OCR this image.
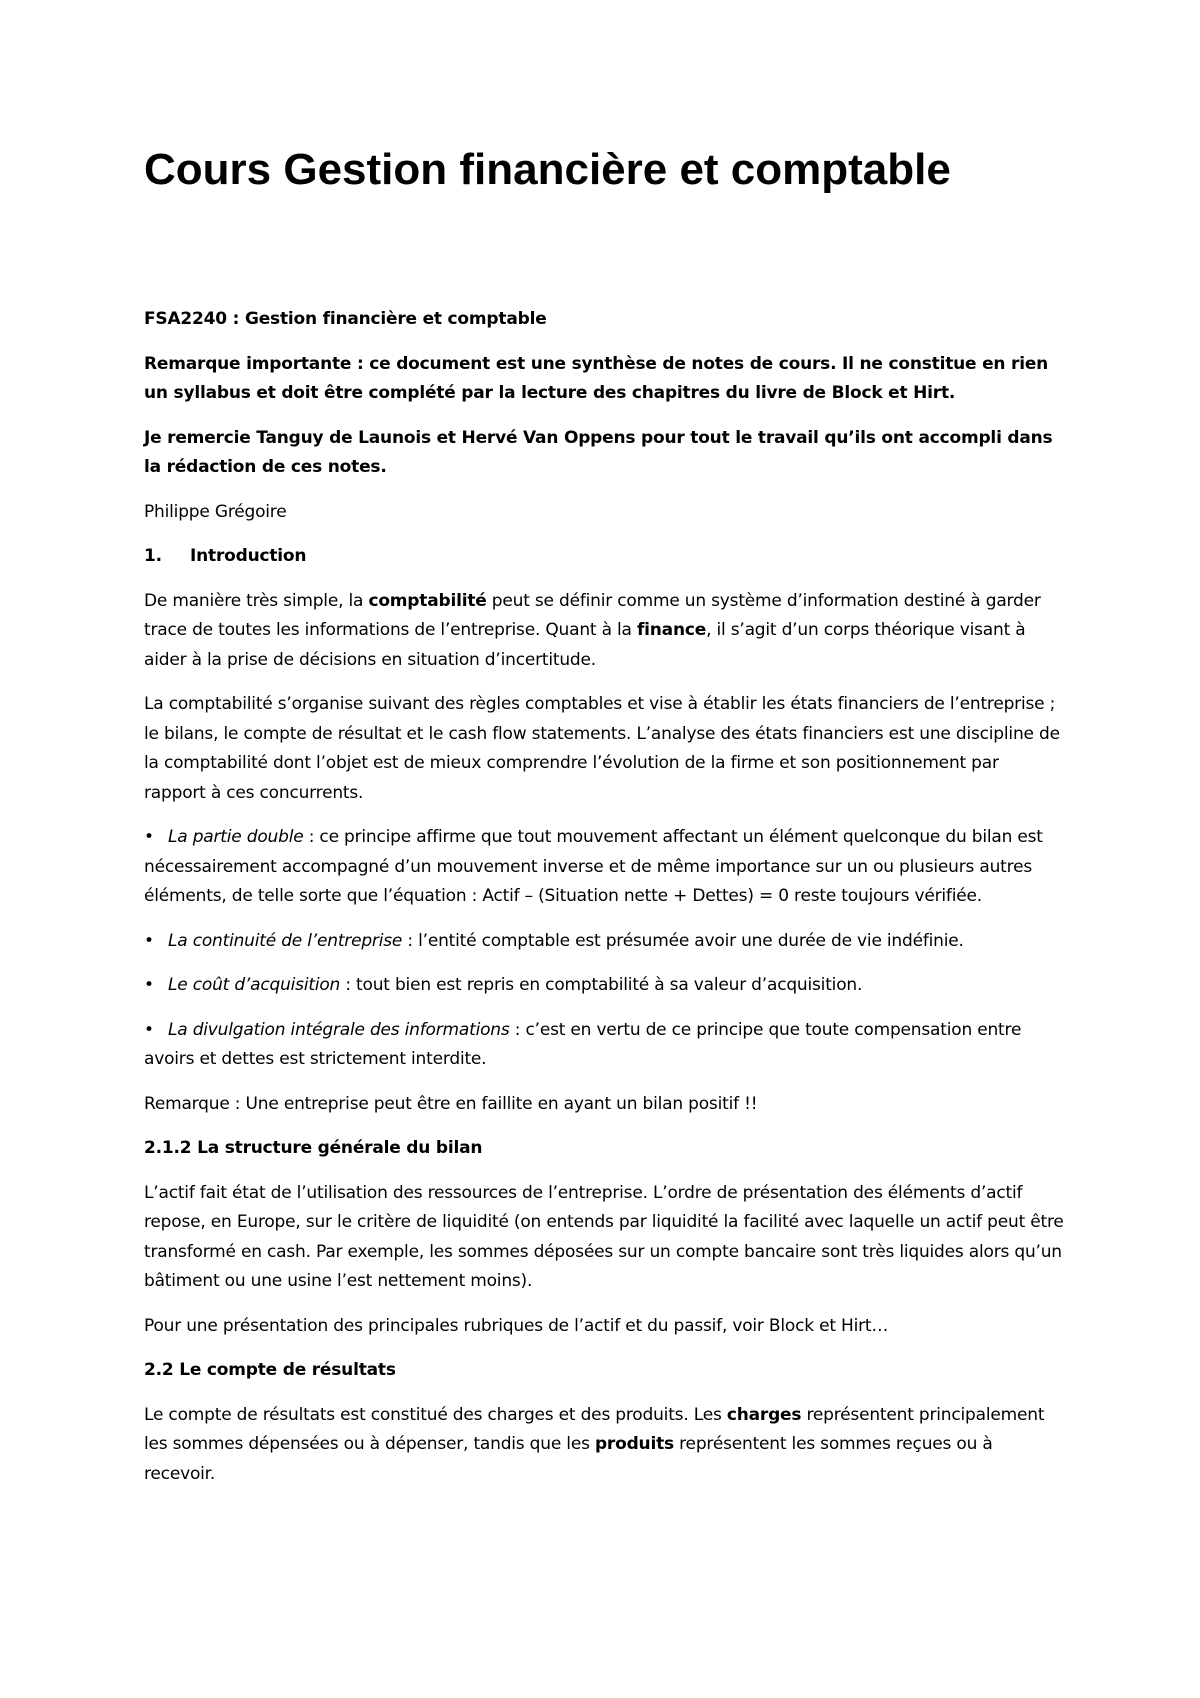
Cours Gestion financière et comptable

FSA2240 : Gestion financière et comptable

Remarque importante : ce document est une synthèse de notes de cours. Il ne constitue en rien un syllabus et doit être complété par la lecture des chapitres du livre de Block et Hirt.

Je remercie Tanguy de Launois et Hervé Van Oppens pour tout le travail qu’ils ont accompli dans la rédaction de ces notes.

Philippe Grégoire

1. Introduction

De manière très simple, la comptabilité peut se définir comme un système d’information destiné à garder trace de toutes les informations de l’entreprise. Quant à la finance, il s’agit d’un corps théorique visant à aider à la prise de décisions en situation d’incertitude.

La comptabilité s’organise suivant des règles comptables et vise à établir les états financiers de l’entreprise ; le bilans, le compte de résultat et le cash flow statements. L’analyse des états financiers est une discipline de la comptabilité dont l’objet est de mieux comprendre l’évolution de la firme et son positionnement par rapport à ces concurrents.

• La partie double : ce principe affirme que tout mouvement affectant un élément quelconque du bilan est nécessairement accompagné d’un mouvement inverse et de même importance sur un ou plusieurs autres éléments, de telle sorte que l’équation : Actif – (Situation nette + Dettes) = 0 reste toujours vérifiée.

• La continuité de l’entreprise : l’entité comptable est présumée avoir une durée de vie indéfinie.

• Le coût d’acquisition : tout bien est repris en comptabilité à sa valeur d’acquisition.

• La divulgation intégrale des informations : c’est en vertu de ce principe que toute compensation entre avoirs et dettes est strictement interdite.

Remarque : Une entreprise peut être en faillite en ayant un bilan positif !!

2.1.2 La structure générale du bilan

L’actif fait état de l’utilisation des ressources de l’entreprise. L’ordre de présentation des éléments d’actif repose, en Europe, sur le critère de liquidité (on entends par liquidité la facilité avec laquelle un actif peut être transformé en cash. Par exemple, les sommes déposées sur un compte bancaire sont très liquides alors qu’un bâtiment ou une usine l’est nettement moins).

Pour une présentation des principales rubriques de l’actif et du passif, voir Block et Hirt…

2.2 Le compte de résultats

Le compte de résultats est constitué des charges et des produits. Les charges représentent principalement les sommes dépensées ou à dépenser, tandis que les produits représentent les sommes reçues ou à recevoir.
